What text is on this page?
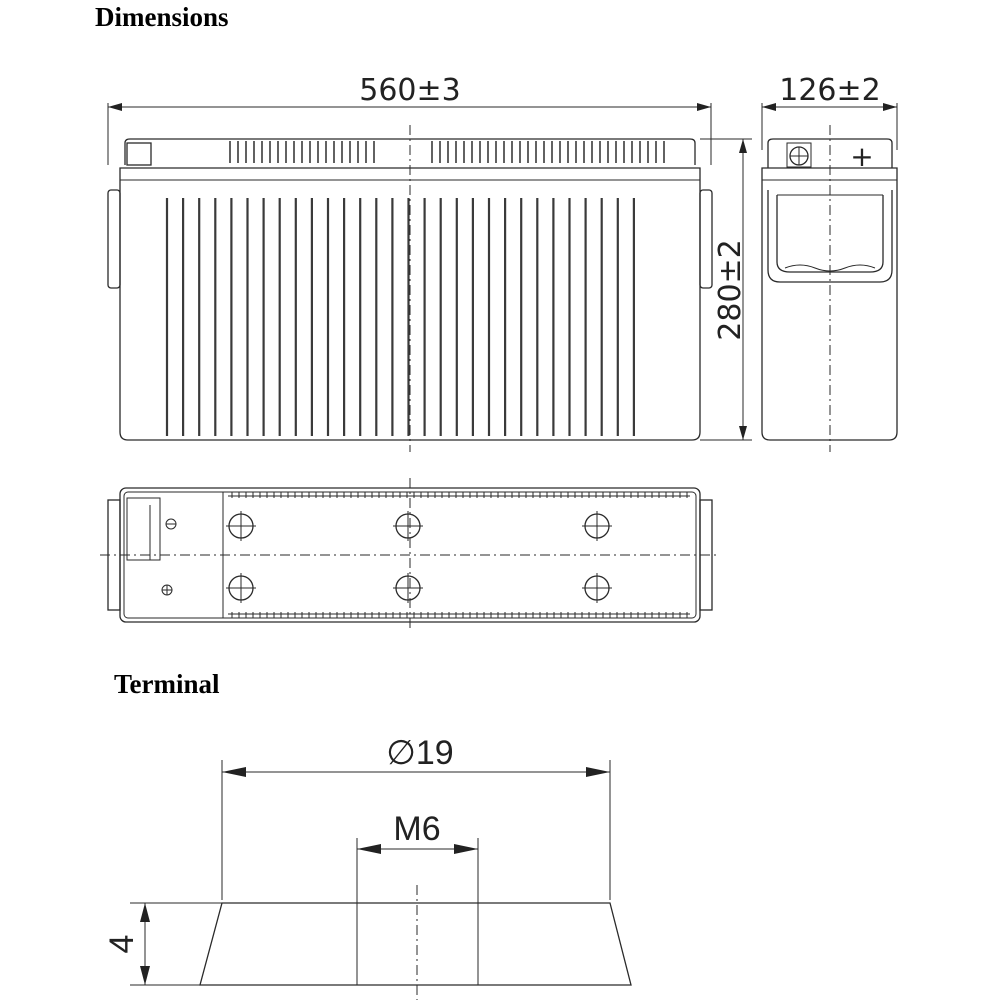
Dimensions
Terminal
560±3
280±2
126±2
+
∅19
M6
4
